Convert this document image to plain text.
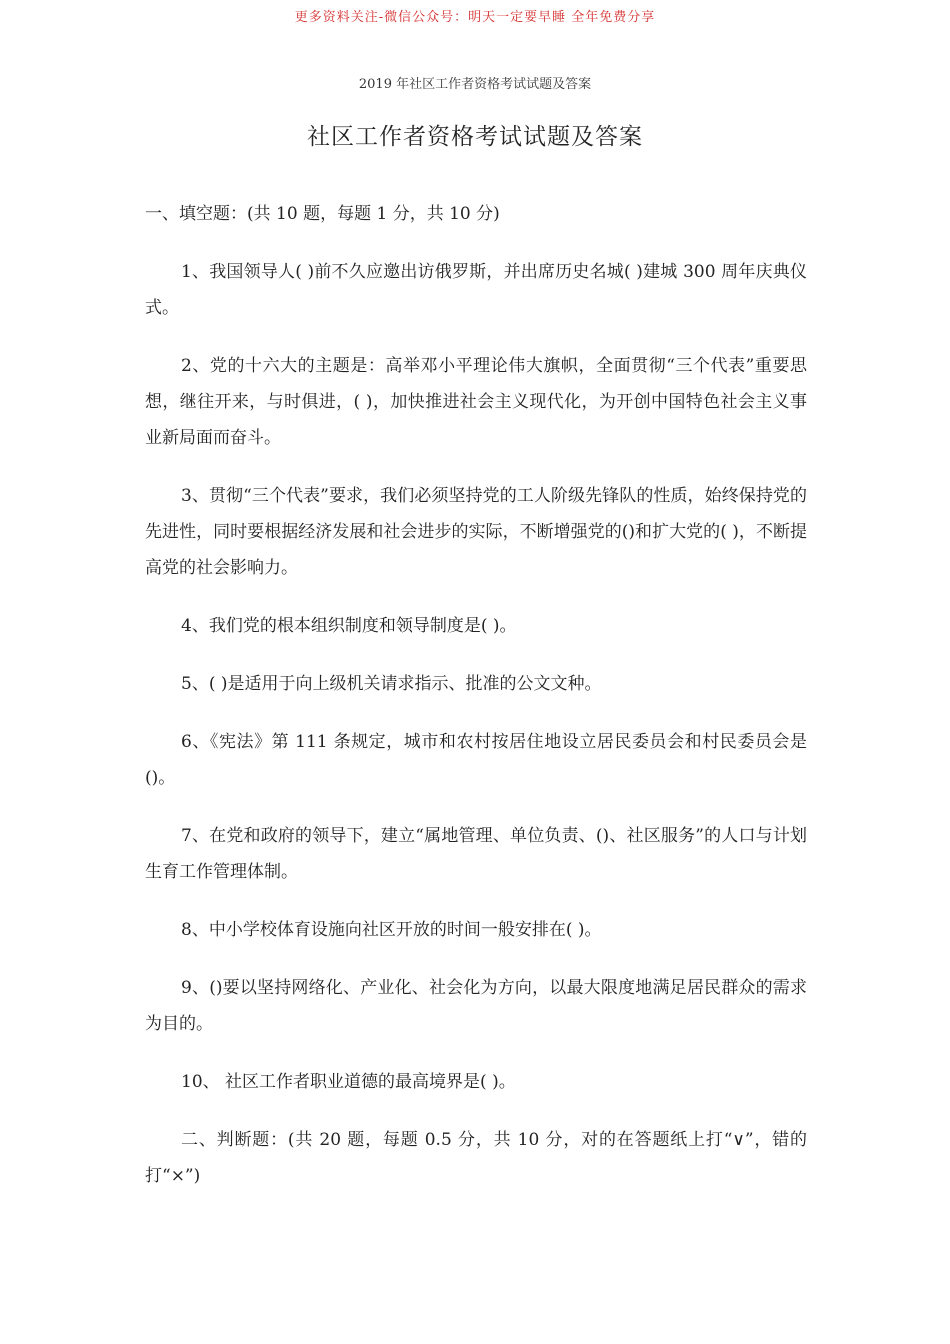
更多资料关注-微信公众号：明天一定要早睡 全年免费分享
2019 年社区工作者资格考试试题及答案
社区工作者资格考试试题及答案

一、填空题：(共 10 题，每题 1 分，共 10 分)

1、我国领导人( )前不久应邀出访俄罗斯，并出席历史名城( )建城 300 周年庆典仪式。

2、党的十六大的主题是：高举邓小平理论伟大旗帜，全面贯彻“三个代表”重要思想，继往开来，与时俱进，( )，加快推进社会主义现代化，为开创中国特色社会主义事业新局面而奋斗。

3、贯彻“三个代表”要求，我们必须坚持党的工人阶级先锋队的性质，始终保持党的先进性，同时要根据经济发展和社会进步的实际，不断增强党的()和扩大党的( )，不断提高党的社会影响力。

4、我们党的根本组织制度和领导制度是( )。

5、( )是适用于向上级机关请求指示、批准的公文文种。

6、《宪法》第 111 条规定，城市和农村按居住地设立居民委员会和村民委员会是()。

7、在党和政府的领导下，建立“属地管理、单位负责、()、社区服务”的人口与计划生育工作管理体制。

8、中小学校体育设施向社区开放的时间一般安排在( )。

9、()要以坚持网络化、产业化、社会化为方向，以最大限度地满足居民群众的需求为目的。

10、 社区工作者职业道德的最高境界是( )。

二、判断题：(共 20 题，每题 0.5 分，共 10 分，对的在答题纸上打“∨”，错的打“×”)
